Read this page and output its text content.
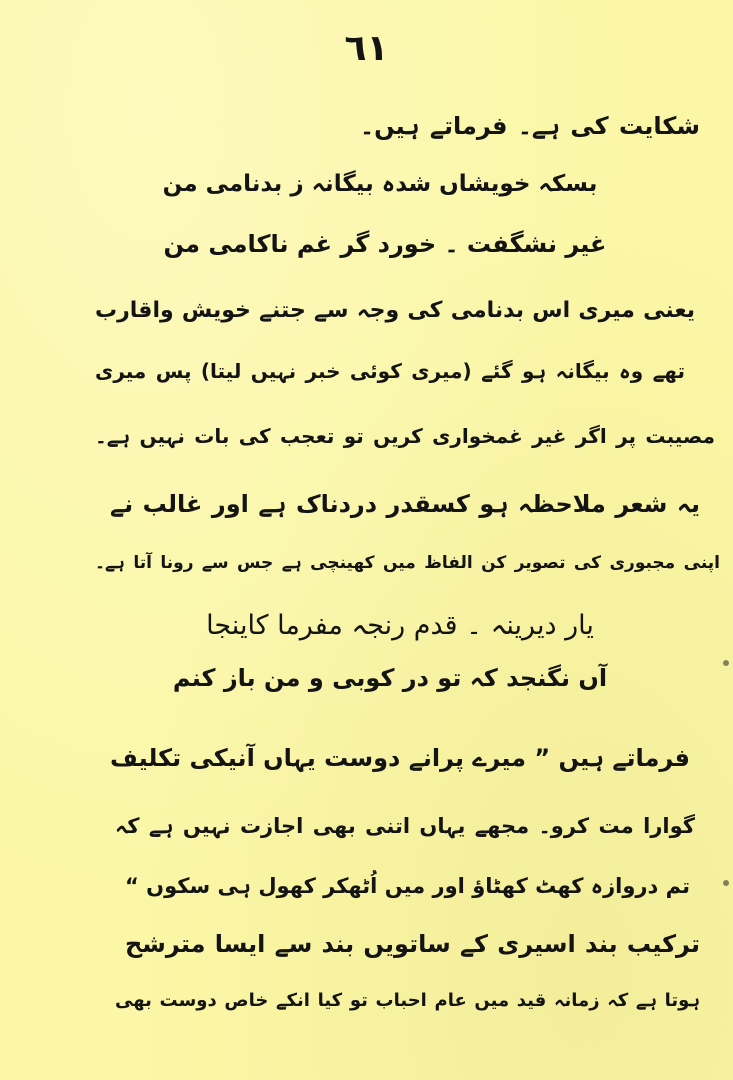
٦١
شکایت کی ہے۔ فرماتے ہیں۔
بسکہ خویشاں شدہ بیگانہ ز بدنامی من
غیر نشگفت ۔ خورد گر غم ناکامی من
یعنی میری اس بدنامی کی وجہ سے جتنے خویش واقارب
تھے وہ بیگانہ ہو گئے (میری کوئی خبر نہیں لیتا) پس میری
مصیبت پر اگر غیر غمخواری کریں تو تعجب کی بات نہیں ہے۔
یہ شعر ملاحظہ ہو کسقدر دردناک ہے اور غالب نے
اپنی مجبوری کی تصویر کن الفاظ میں کھینچی ہے جس سے رونا آتا ہے۔
یار دیرینہ ۔ قدم رنجہ مفرما کاینجا
آں نگنجد کہ تو در کوبی و من باز کنم
فرماتے ہیں ” میرے پرانے دوست یہاں آنیکی تکلیف
گوارا مت کرو۔ مجھے یہاں اتنی بھی اجازت نہیں ہے کہ
تم دروازہ کھٹ کھٹاؤ اور میں اُٹھکر کھول ہی سکوں “
ترکیب بند اسیری کے ساتویں بند سے ایسا مترشح
ہوتا ہے کہ زمانہ قید میں عام احباب تو کیا انکے خاص دوست بھی
